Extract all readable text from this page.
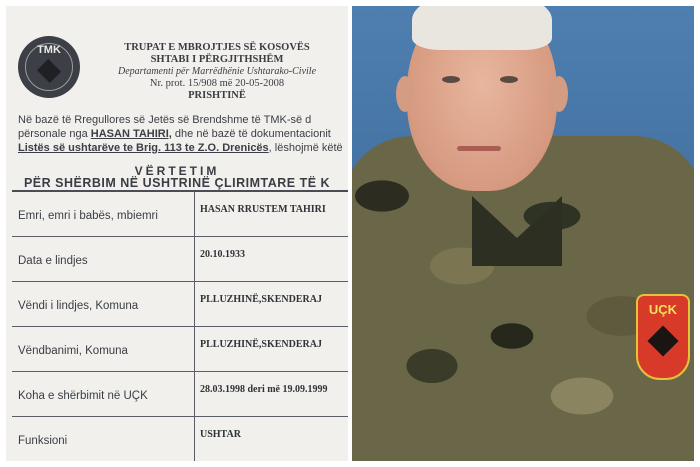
TMK	TRUPAT E MBROJTJES SË KOSOVËS
SHTABI I PËRGJITHSHËM
Departamenti për Marrëdhënie Ushtarako-Civile
Nr. prot. 15/908 më 20-05-2008
PRISHTINË
Në bazë të Rregullores së Jetës së Brendshme të TMK-së d
përsonale nga HASAN TAHIRI, dhe në bazë të dokumentacionit
Listës së ushtarëve te Brig. 113 te Z.O. Drenicës, lëshojmë këtë
VËRTETIM
PËR SHËRBIM NË USHTRINË ÇLIRIMTARE TË K
Emri, emri i babës, mbiemri
HASAN RRUSTEM TAHIRI
Data e lindjes
20.10.1933
Vëndi i lindjes, Komuna
PLLUZHINË,SKENDERAJ
Vëndbanimi, Komuna
PLLUZHINË,SKENDERAJ
Koha e shërbimit në UÇK
28.03.1998 deri më 19.09.1999
Funksioni
USHTAR
UÇK
